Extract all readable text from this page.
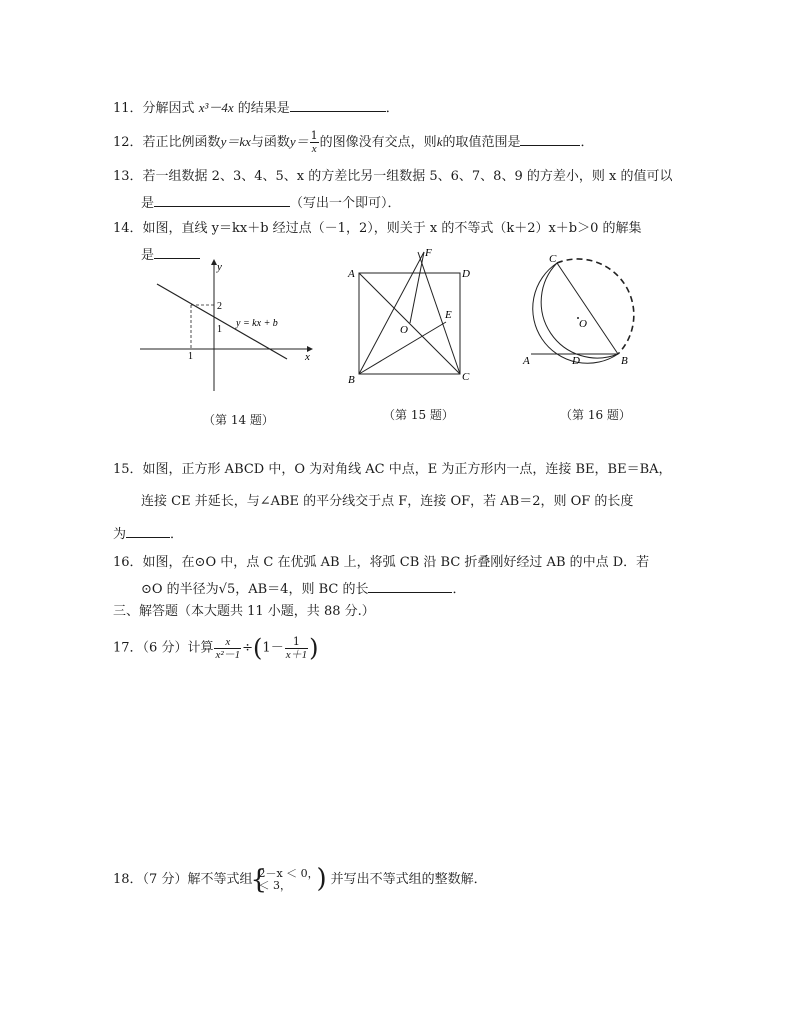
11．分解因式 x³－4x 的结果是	．
12．若正比例函数y＝kx与函数$y= \frac{1}{x}$ 的图像没有交点，则k的取值范围是	．
13．若一组数据 2、3、4、5、x 的方差比另一组数据 5、6、7、8、9 的方差小，则 x 的值可以
是	（写出一个即可）．
14．如图，直线 y＝kx＋b 经过点（－1，2），则关于 x 的不等式（k＋2）x＋b＞0 的解集
是
y
x
2
1
1
y = kx + b
（第 14 题）
A
B	C
D
E
F
O
（第 15 题）
A	B
C
D
O
（第 16 题）
15．如图，正方形 ABCD 中，O 为对角线 AC 中点，E 为正方形内一点，连接 BE，BE＝BA，
连接 CE 并延长，与∠ABE 的平分线交于点 F，连接 OF，若 AB＝2，则 OF 的长度
为	．
16．如图，在⊙O 中，点 C 在优弧 AB 上，将弧 CB 沿 BC 折叠刚好经过 AB 的中点 D．若
⊙O 的半径为√5，AB＝4，则 BC 的长	．
三、解答题（本大题共 11 小题，共 88 分.）
17．（6 分）计算 $\frac{x}{\text{x²－1}} \div(1- \frac{1}{x+1}$ )
18．（7 分）解不等式组
{ 2－x ＜ 0，
＜ 3，
)	并写出不等式组的整数解．
